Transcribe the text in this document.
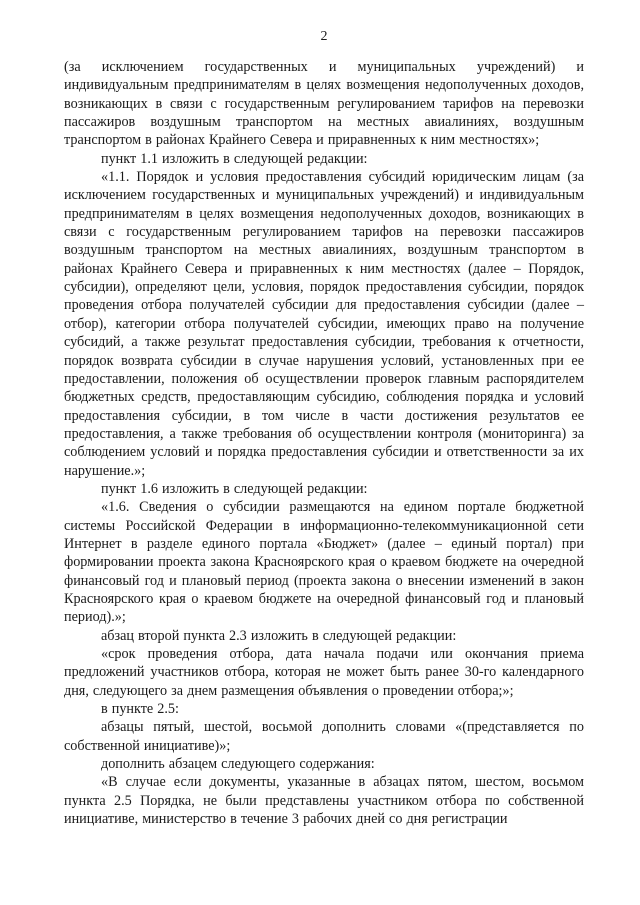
2

(за исключением государственных и муниципальных учреждений) и индивидуальным предпринимателям в целях возмещения недополученных доходов, возникающих в связи с государственным регулированием тарифов на перевозки пассажиров воздушным транспортом на местных авиалиниях, воздушным транспортом в районах Крайнего Севера и приравненных к ним местностях»;

пункт 1.1 изложить в следующей редакции:

«1.1. Порядок и условия предоставления субсидий юридическим лицам (за исключением государственных и муниципальных учреждений) и индивидуальным предпринимателям в целях возмещения недополученных доходов, возникающих в связи с государственным регулированием тарифов на перевозки пассажиров воздушным транспортом на местных авиалиниях, воздушным транспортом в районах Крайнего Севера и приравненных к ним местностях (далее – Порядок, субсидии), определяют цели, условия, порядок предоставления субсидии, порядок проведения отбора получателей субсидии для предоставления субсидии (далее – отбор), категории отбора получателей субсидии, имеющих право на получение субсидий, а также результат предоставления субсидии, требования к отчетности, порядок возврата субсидии в случае нарушения условий, установленных при ее предоставлении, положения об осуществлении проверок главным распорядителем бюджетных средств, предоставляющим субсидию, соблюдения порядка и условий предоставления субсидии, в том числе в части достижения результатов ее предоставления, а также требования об осуществлении контроля (мониторинга) за соблюдением условий и порядка предоставления субсидии и ответственности за их нарушение.»;

пункт 1.6 изложить в следующей редакции:

«1.6. Сведения о субсидии размещаются на едином портале бюджетной системы Российской Федерации в информационно-телекоммуникационной сети Интернет в разделе единого портала «Бюджет» (далее – единый портал) при формировании проекта закона Красноярского края о краевом бюджете на очередной финансовый год и плановый период (проекта закона о внесении изменений в закон Красноярского края о краевом бюджете на очередной финансовый год и плановый период).»;

абзац второй пункта 2.3 изложить в следующей редакции:

«срок проведения отбора, дата начала подачи или окончания приема предложений участников отбора, которая не может быть ранее 30-го календарного дня, следующего за днем размещения объявления о проведении отбора;»;

в пункте 2.5:

абзацы пятый, шестой, восьмой дополнить словами «(представляется по собственной инициативе)»;

дополнить абзацем следующего содержания:

«В случае если документы, указанные в абзацах пятом, шестом, восьмом пункта 2.5 Порядка, не были представлены участником отбора по собственной инициативе, министерство в течение 3 рабочих дней со дня регистрации
